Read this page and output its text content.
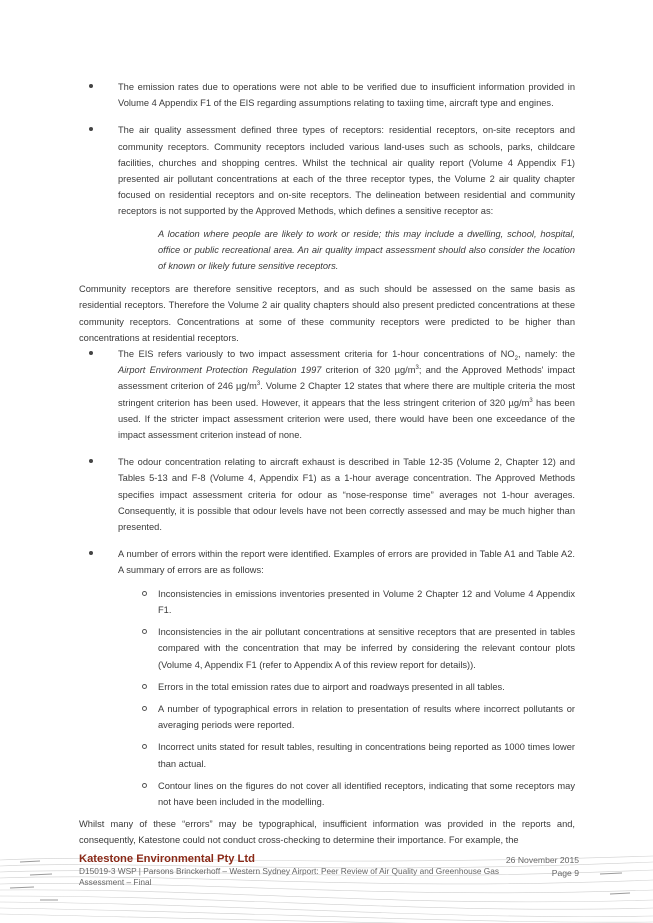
The emission rates due to operations were not able to be verified due to insufficient information provided in Volume 4 Appendix F1 of the EIS regarding assumptions relating to taxiing time, aircraft type and engines.

The air quality assessment defined three types of receptors: residential receptors, on-site receptors and community receptors. Community receptors included various land-uses such as schools, parks, childcare facilities, churches and shopping centres. Whilst the technical air quality report (Volume 4 Appendix F1) presented air pollutant concentrations at each of the three receptor types, the Volume 2 air quality chapter focused on residential receptors and on-site receptors. The delineation between residential and community receptors is not supported by the Approved Methods, which defines a sensitive receptor as:

A location where people are likely to work or reside; this may include a dwelling, school, hospital, office or public recreational area. An air quality impact assessment should also consider the location of known or likely future sensitive receptors.

Community receptors are therefore sensitive receptors, and as such should be assessed on the same basis as residential receptors. Therefore the Volume 2 air quality chapters should also present predicted concentrations at these community receptors. Concentrations at some of these community receptors were predicted to be higher than concentrations at residential receptors.

The EIS refers variously to two impact assessment criteria for 1-hour concentrations of $NO_2$, namely: the Airport Environment Protection Regulation 1997 criterion of 320 $\mu g/m^3$; and the Approved Methods' impact assessment criterion of 246 $\mu g/m^3$. Volume 2 Chapter 12 states that where there are multiple criteria the most stringent criterion has been used. However, it appears that the less stringent criterion of 320 $\mu g/m^3$ has been used. If the stricter impact assessment criterion were used, there would have been one exceedance of the impact assessment criterion instead of none.

The odour concentration relating to aircraft exhaust is described in Table 12-35 (Volume 2, Chapter 12) and Tables 5-13 and F-8 (Volume 4, Appendix F1) as a 1-hour average concentration. The Approved Methods specifies impact assessment criteria for odour as “nose-response time” averages not 1-hour averages. Consequently, it is possible that odour levels have not been correctly assessed and may be much higher than presented.

A number of errors within the report were identified. Examples of errors are provided in Table A1 and Table A2. A summary of errors are as follows:

Inconsistencies in emissions inventories presented in Volume 2 Chapter 12 and Volume 4 Appendix F1.

Inconsistencies in the air pollutant concentrations at sensitive receptors that are presented in tables compared with the concentration that may be inferred by considering the relevant contour plots (Volume 4, Appendix F1 (refer to Appendix A of this review report for details)).

Errors in the total emission rates due to airport and roadways presented in all tables.

A number of typographical errors in relation to presentation of results where incorrect pollutants or averaging periods were reported.

Incorrect units stated for result tables, resulting in concentrations being reported as 1000 times lower than actual.

Contour lines on the figures do not cover all identified receptors, indicating that some receptors may not have been included in the modelling.

Whilst many of these “errors” may be typographical, insufficient information was provided in the reports and, consequently, Katestone could not conduct cross-checking to determine their importance. For example, the

Katestone Environmental Pty Ltd
D15019-3 WSP | Parsons Brinckerhoff – Western Sydney Airport: Peer Review of Air Quality and Greenhouse Gas Assessment – Final
26 November 2015
Page 9
